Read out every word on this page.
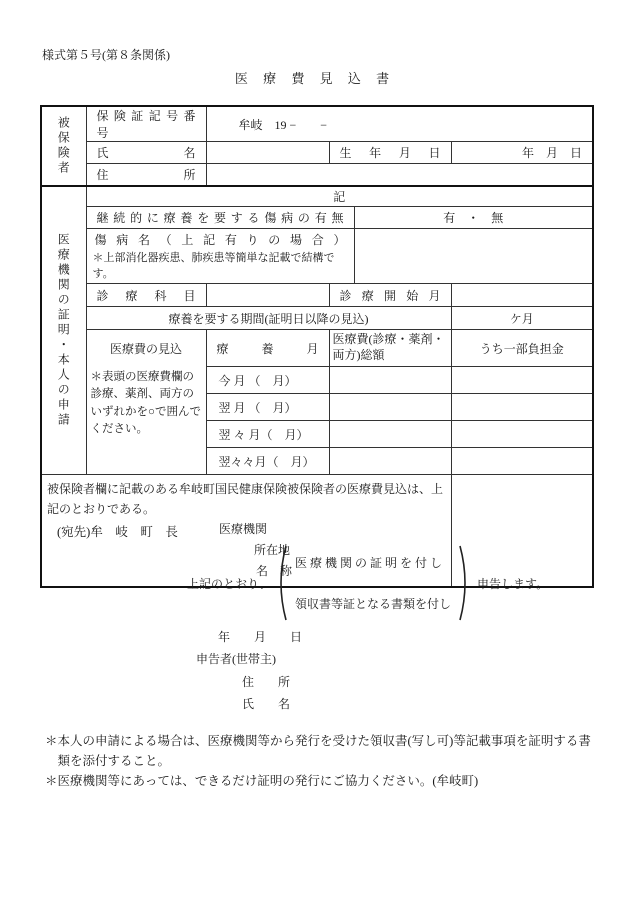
様式第５号(第８条関係)
医 療 費 見 込 書
被保険者	保 険 証 記 号 番 号	牟岐　19 −　　−			
	氏 名		生 年 月 日		年　月　日
	住 所				
医療機関の証明・本人の申請	記				
	継 続 的 に 療 養 を 要 す る 傷 病 の 有 無			有　・　無	

	傷 病 名 （ 上 記 有 り の 場 合 ）
＊上部消化器疾患、肺疾患等簡単な記載で結構です。				

	診 療 科 目		診 療 開 始 月		
	療養を要する期間(証明日以降の見込)				ケ月

医療費の見込
＊表頭の医療費欄の診療、薬剤、両方のいずれかを○で囲んでください。	療 養 月	医療費(診療・薬剤・両方)総額		うち一部負担金
		今 月 （　月）			
		翌 月 （　月）			
		翌 々 月（　月）			
		翌々々月（　月）			

被保険者欄に記載のある牟岐町国民健康保険被保険者の医療費見込は、上記のとおりである。
医療機関
所在地
名　称					
(宛先)牟　岐　町　長
上記のとおり、
医 療 機 関 の 証 明 を 付 し
領収書等証となる書類を付し
申告します。
年　　月　　日
申告者(世帯主)
住　　所
氏　　名
＊本人の申請による場合は、医療機関等から発行を受けた領収書(写し可)等記載事項を証明する書類を添付すること。
＊医療機関等にあっては、できるだけ証明の発行にご協力ください。(牟岐町)
